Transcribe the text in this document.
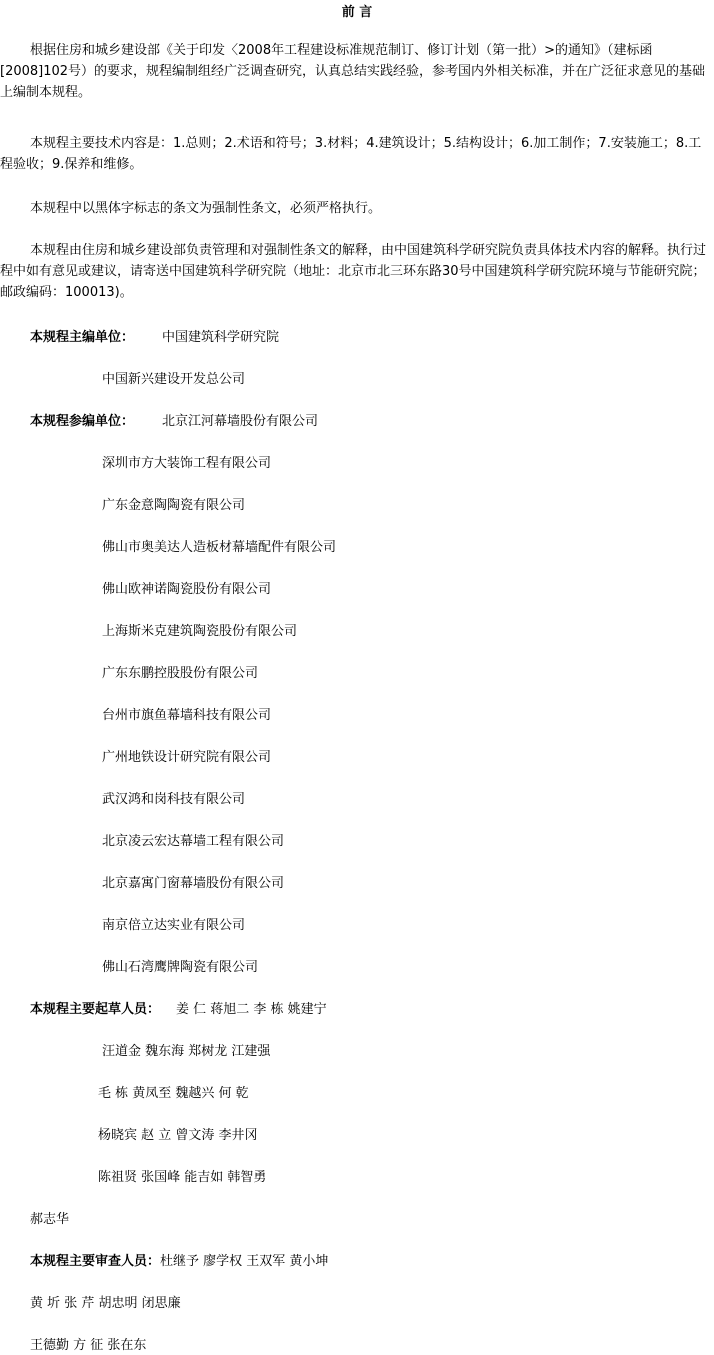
前 言

根据住房和城乡建设部《关于印发〈2008年工程建设标准规范制订、修订计划（第一批）>的通知》（建标函[2008]102号）的要求，规程编制组经广泛调查研究，认真总结实践经验，参考国内外相关标准，并在广泛征求意见的基础上编制本规程。

本规程主要技术内容是：1.总则；2.术语和符号；3.材料；4.建筑设计；5.结构设计；6.加工制作；7.安装施工；8.工程验收；9.保养和维修。

本规程中以黑体字标志的条文为强制性条文，必须严格执行。

本规程由住房和城乡建设部负责管理和对强制性条文的解释，由中国建筑科学研究院负责具体技术内容的解释。执行过程中如有意见或建议，请寄送中国建筑科学研究院（地址：北京市北三环东路30号中国建筑科学研究院环境与节能研究院；邮政编码：100013)。

本规程主编单位： 中国建筑科学研究院
中国新兴建设开发总公司
本规程参编单位： 北京江河幕墙股份有限公司
深圳市方大装饰工程有限公司
广东金意陶陶瓷有限公司
佛山市奥美达人造板材幕墙配件有限公司
佛山欧神诺陶瓷股份有限公司
上海斯米克建筑陶瓷股份有限公司
广东东鹏控股股份有限公司
台州市旗鱼幕墙科技有限公司
广州地铁设计研究院有限公司
武汉鸿和岗科技有限公司
北京凌云宏达幕墙工程有限公司
北京嘉寓门窗幕墙股份有限公司
南京倍立达实业有限公司
佛山石湾鹰牌陶瓷有限公司
本规程主要起草人员： 姜 仁 蒋旭二 李 栋 姚建宁
汪道金 魏东海 郑树龙 江建强
毛 栋 黄凤至 魏越兴 何 乾
杨晓宾 赵 立 曾文涛 李井冈
陈祖贤 张国峰 能吉如 韩智勇
郝志华
本规程主要审查人员：杜继予 廖学权 王双军 黄小坤
黄 圻 张 芹 胡忠明 闭思廉
王德勤 方 征 张在东
